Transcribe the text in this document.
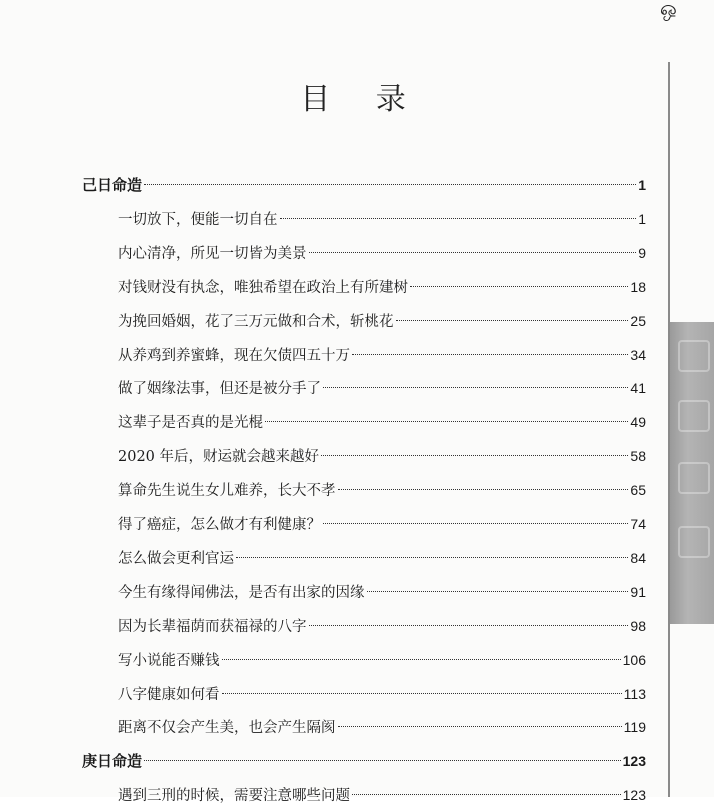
ஒ
目 录
己日命造	1
一切放下，便能一切自在	1
内心清净，所见一切皆为美景	9
对钱财没有执念，唯独希望在政治上有所建树	18
为挽回婚姻，花了三万元做和合术，斩桃花	25
从养鸡到养蜜蜂，现在欠债四五十万	34
做了姻缘法事，但还是被分手了	41
这辈子是否真的是光棍	49
2020 年后，财运就会越来越好	58
算命先生说生女儿难养，长大不孝	65
得了癌症，怎么做才有利健康？	74
怎么做会更利官运	84
今生有缘得闻佛法，是否有出家的因缘	91
因为长辈福荫而获福禄的八字	98
写小说能否赚钱	106
八字健康如何看	113
距离不仅会产生美，也会产生隔阂	119
庚日命造	123
遇到三刑的时候，需要注意哪些问题	123
